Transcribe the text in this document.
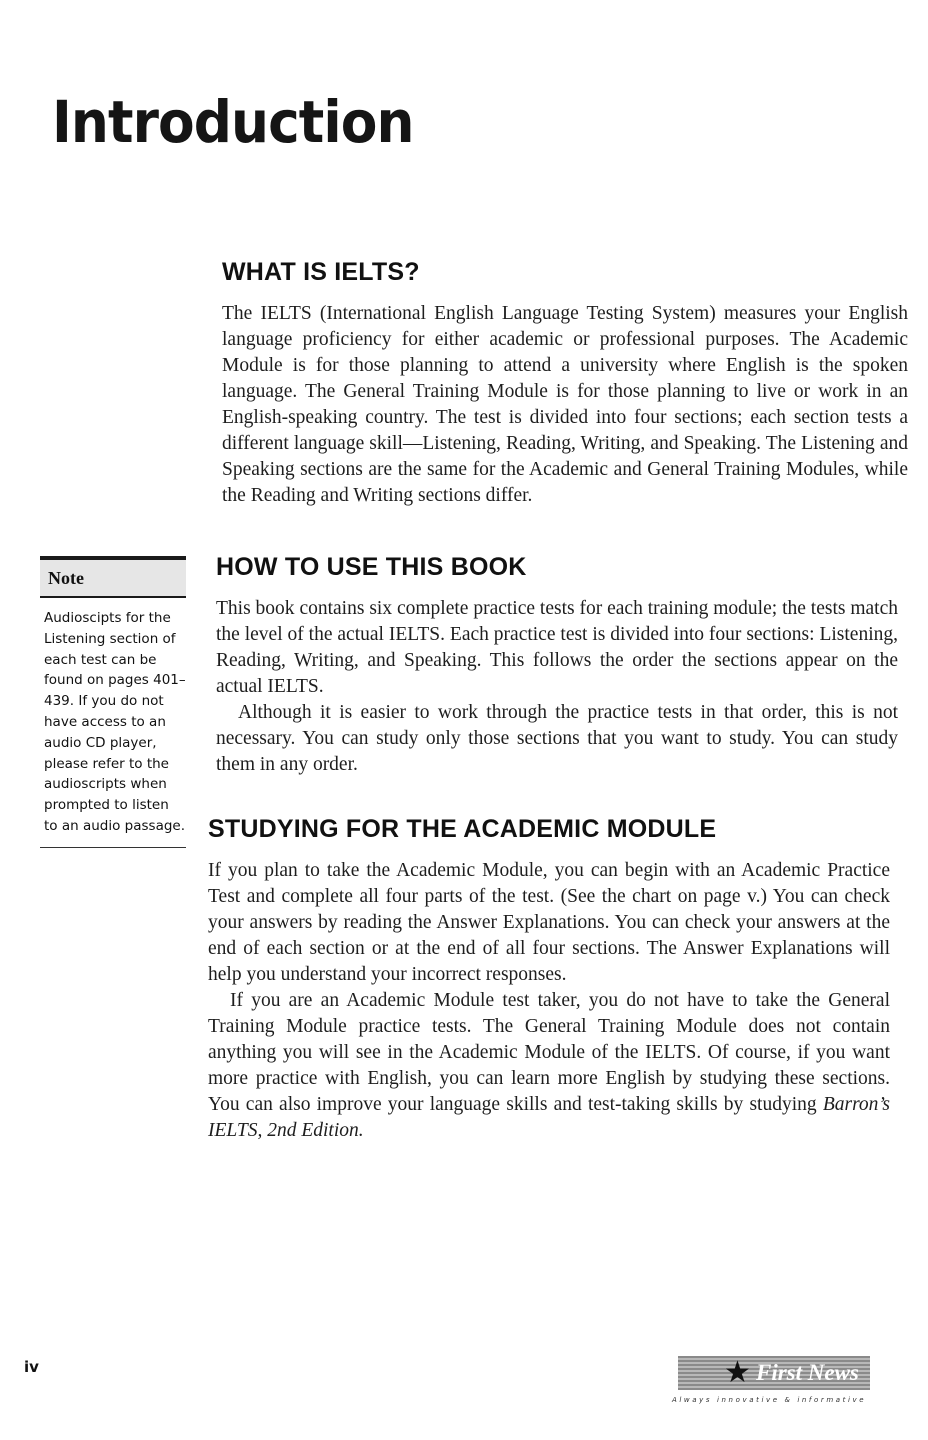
Introduction
WHAT IS IELTS?

The IELTS (International English Language Testing System) measures your English language proficiency for either academic or professional purposes. The Academic Module is for those planning to attend a university where English is the spoken language. The General Training Module is for those planning to live or work in an English-speaking country. The test is divided into four sections; each section tests a different language skill—Listening, Reading, Writing, and Speaking. The Listening and Speaking sections are the same for the Academic and General Training Modules, while the Reading and Writing sections differ.

Note
Audioscipts for the Listening section of each test can be found on pages 401–439. If you do not have access to an audio CD player, please refer to the audioscripts when prompted to listen to an audio passage.
HOW TO USE THIS BOOK

This book contains six complete practice tests for each training module; the tests match the level of the actual IELTS. Each practice test is divided into four sections: Listening, Reading, Writing, and Speaking. This follows the order the sections appear on the actual IELTS.

Although it is easier to work through the practice tests in that order, this is not necessary. You can study only those sections that you want to study. You can study them in any order.

STUDYING FOR THE ACADEMIC MODULE

If you plan to take the Academic Module, you can begin with an Academic Practice Test and complete all four parts of the test. (See the chart on page v.) You can check your answers by reading the Answer Explanations. You can check your answers at the end of each section or at the end of all four sections. The Answer Explanations will help you understand your incorrect responses.

If you are an Academic Module test taker, you do not have to take the General Training Module practice tests. The General Training Module does not contain anything you will see in the Academic Module of the IELTS. Of course, if you want more practice with English, you can learn more English by studying these sections. You can also improve your language skills and test-taking skills by studying Barron’s IELTS, 2nd Edition.

iv	★ First News
Always innovative & informative
